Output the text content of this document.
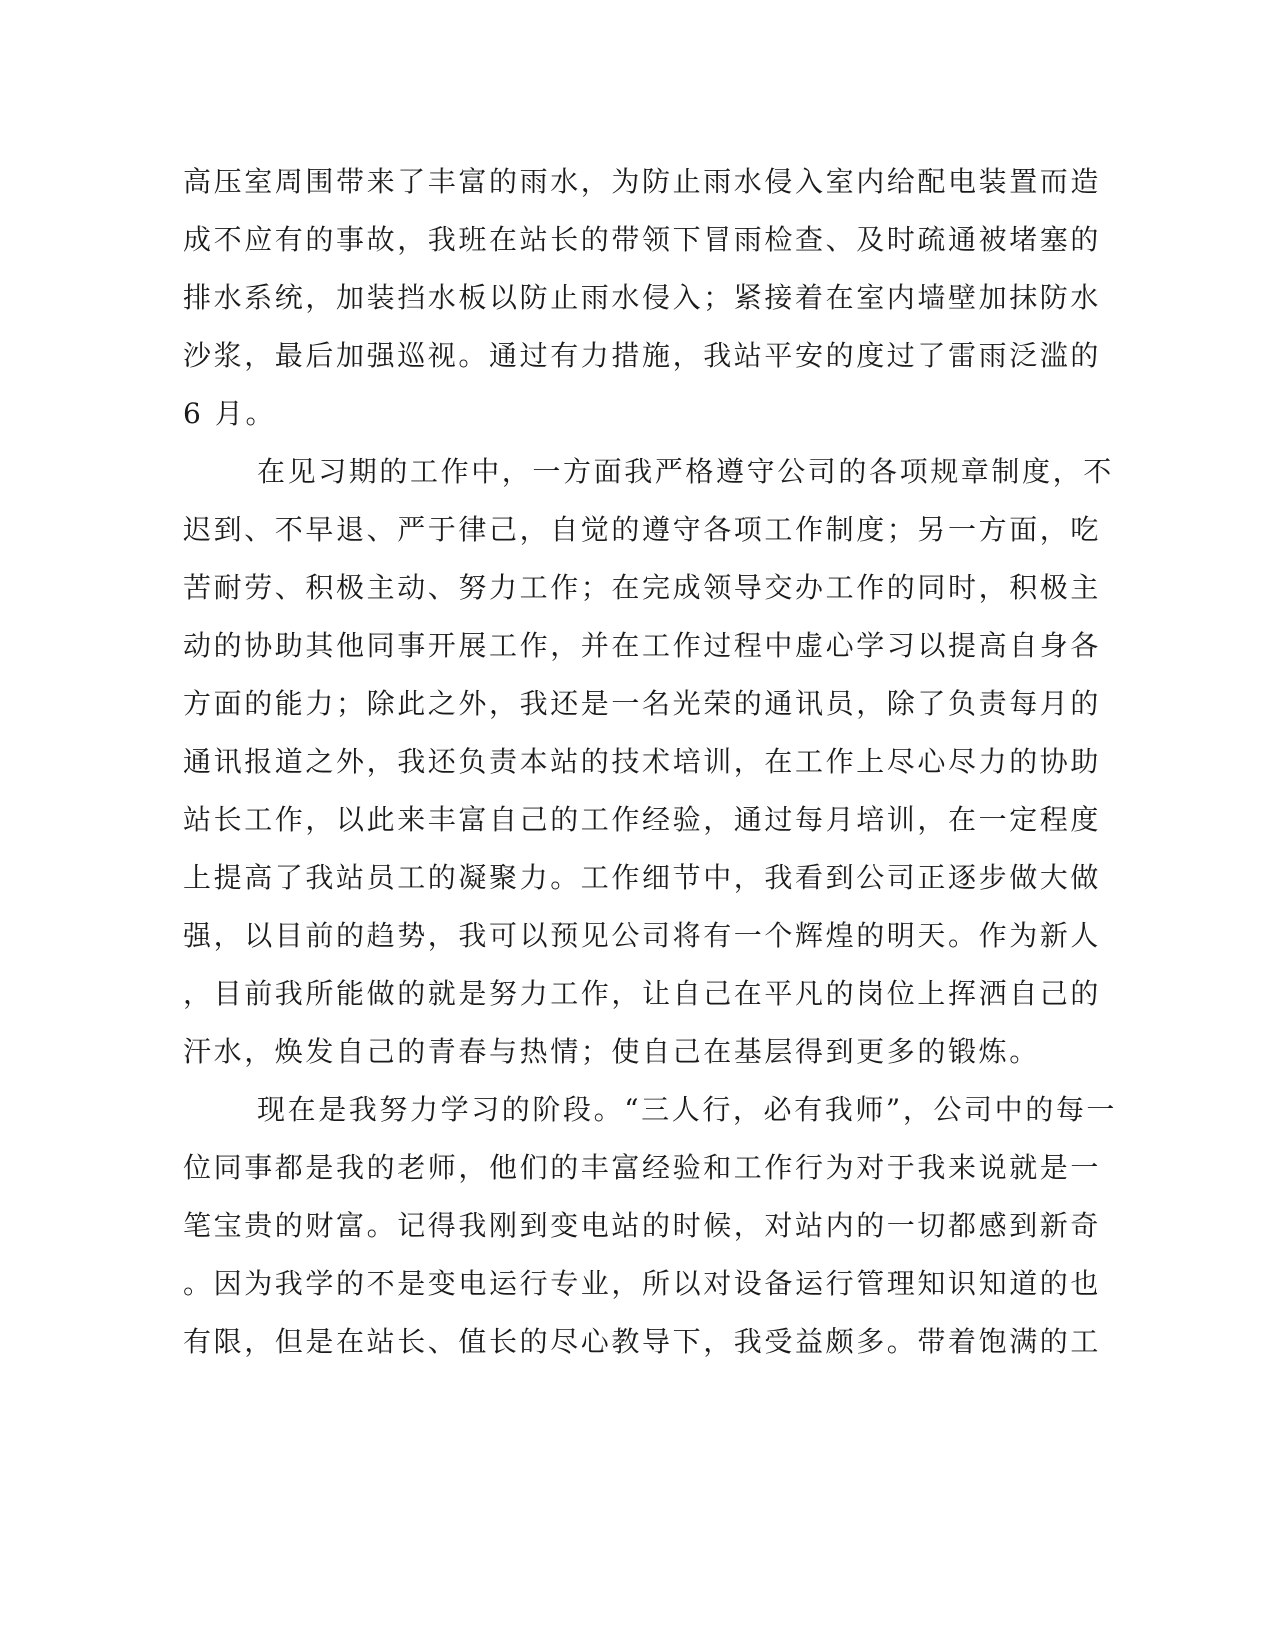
高压室周围带来了丰富的雨水，为防止雨水侵入室内给配电装置而造

成不应有的事故，我班在站长的带领下冒雨检查、及时疏通被堵塞的

排水系统，加装挡水板以防止雨水侵入；紧接着在室内墙壁加抹防水

沙浆，最后加强巡视。通过有力措施，我站平安的度过了雷雨泛滥的

6 月。

在见习期的工作中，一方面我严格遵守公司的各项规章制度，不

迟到、不早退、严于律己，自觉的遵守各项工作制度；另一方面，吃

苦耐劳、积极主动、努力工作；在完成领导交办工作的同时，积极主

动的协助其他同事开展工作，并在工作过程中虚心学习以提高自身各

方面的能力；除此之外，我还是一名光荣的通讯员，除了负责每月的

通讯报道之外，我还负责本站的技术培训，在工作上尽心尽力的协助

站长工作，以此来丰富自己的工作经验，通过每月培训，在一定程度

上提高了我站员工的凝聚力。工作细节中，我看到公司正逐步做大做

强，以目前的趋势，我可以预见公司将有一个辉煌的明天。作为新人

，目前我所能做的就是努力工作，让自己在平凡的岗位上挥洒自己的

汗水，焕发自己的青春与热情；使自己在基层得到更多的锻炼。

现在是我努力学习的阶段。“三人行，必有我师”，公司中的每一

位同事都是我的老师，他们的丰富经验和工作行为对于我来说就是一

笔宝贵的财富。记得我刚到变电站的时候，对站内的一切都感到新奇

。因为我学的不是变电运行专业，所以对设备运行管理知识知道的也

有限，但是在站长、值长的尽心教导下，我受益颇多。带着饱满的工
